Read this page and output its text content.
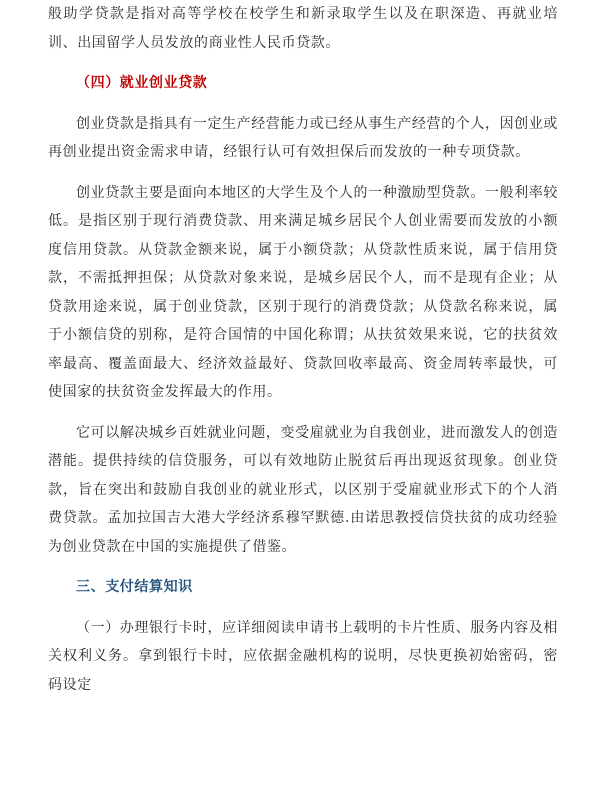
般助学贷款是指对高等学校在校学生和新录取学生以及在职深造、再就业培训、出国留学人员发放的商业性人民币贷款。

（四）就业创业贷款

创业贷款是指具有一定生产经营能力或已经从事生产经营的个人，因创业或再创业提出资金需求申请，经银行认可有效担保后而发放的一种专项贷款。

创业贷款主要是面向本地区的大学生及个人的一种激励型贷款。一般利率较低。是指区别于现行消费贷款、用来满足城乡居民个人创业需要而发放的小额度信用贷款。从贷款金额来说，属于小额贷款；从贷款性质来说，属于信用贷款，不需抵押担保；从贷款对象来说，是城乡居民个人，而不是现有企业；从贷款用途来说，属于创业贷款，区别于现行的消费贷款；从贷款名称来说，属于小额信贷的别称，是符合国情的中国化称谓；从扶贫效果来说，它的扶贫效率最高、覆盖面最大、经济效益最好、贷款回收率最高、资金周转率最快，可使国家的扶贫资金发挥最大的作用。

它可以解决城乡百姓就业问题，变受雇就业为自我创业，进而激发人的创造潜能。提供持续的信贷服务，可以有效地防止脱贫后再出现返贫现象。创业贷款，旨在突出和鼓励自我创业的就业形式，以区别于受雇就业形式下的个人消费贷款。孟加拉国吉大港大学经济系穆罕默德.由诺思教授信贷扶贫的成功经验为创业贷款在中国的实施提供了借鉴。

三、支付结算知识

（一）办理银行卡时，应详细阅读申请书上载明的卡片性质、服务内容及相关权利义务。拿到银行卡时，应依据金融机构的说明，尽快更换初始密码，密码设定
